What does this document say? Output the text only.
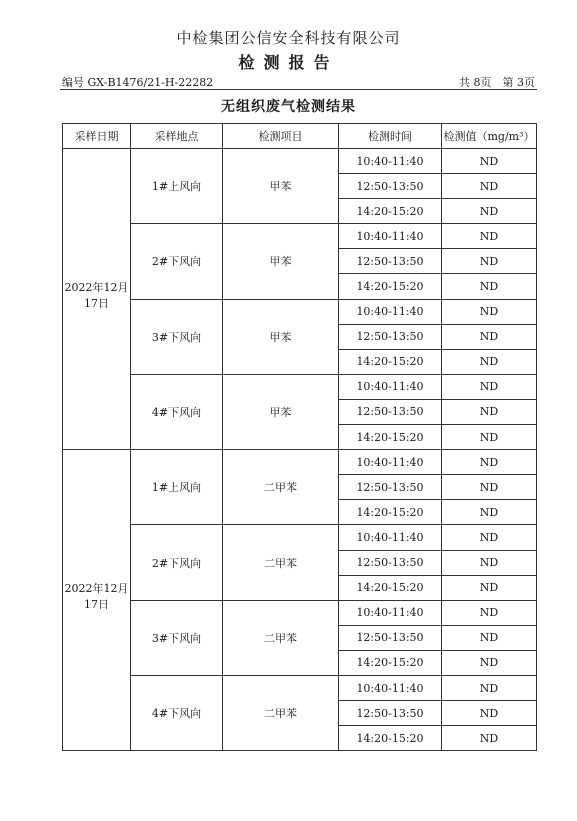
中检集团公信安全科技有限公司
检测报告
编号 GX-B1476/21-H-22282	共 8页　第 3页
无组织废气检测结果
采样日期	采样地点	检测项目	检测时间	检测值（mg/m³）

2022年12月
17日	1#上风向	甲苯	10:40-11:40	ND
			12:50-13:50	ND
			14:20-15:20	ND
	2#下风向	甲苯	10:40-11:40	ND
			12:50-13:50	ND
			14:20-15:20	ND
	3#下风向	甲苯	10:40-11:40	ND
			12:50-13:50	ND
			14:20-15:20	ND
	4#下风向	甲苯	10:40-11:40	ND
			12:50-13:50	ND
			14:20-15:20	ND

2022年12月
17日	1#上风向	二甲苯	10:40-11:40	ND
			12:50-13:50	ND
			14:20-15:20	ND
	2#下风向	二甲苯	10:40-11:40	ND
			12:50-13:50	ND
			14:20-15:20	ND
	3#下风向	二甲苯	10:40-11:40	ND
			12:50-13:50	ND
			14:20-15:20	ND
	4#下风向	二甲苯	10:40-11:40	ND
			12:50-13:50	ND
			14:20-15:20	ND
